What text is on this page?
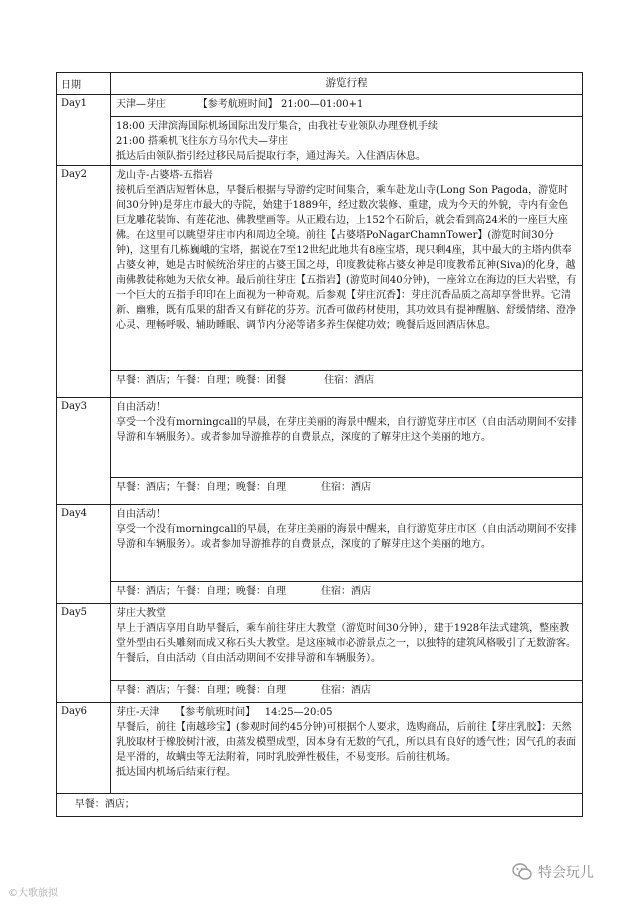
日期	游览行程
Day1	天津—芽庄          【参考航班时间】 21:00—01:00+1

18:00 天津滨海国际机场国际出发厅集合，由我社专业领队办理登机手续

21:00 搭乘机飞往东方马尔代夫—芽庄

抵达后由领队指引经过移民局后提取行李，通过海关。入住酒店休息。

Day2	龙山寺-占婆塔-五指岩

接机后至酒店短暂休息，早餐后根据与导游约定时间集合，乘车赴龙山寺(Long Son Pagoda，游览时间30分钟)是芽庄市最大的寺院，始建于1889年，经过数次装修、重建，成为今天的外貌，寺内有金色巨龙雕花装饰、有莲花池、佛教壁画等。从正殿右边，上152个石阶后，就会看到高24米的一座巨大座佛。在这里可以眺望芽庄市内和周边全境。前往【占婆塔PoNagarChamnTower】(游览时间30分钟)，这里有几栋巍峨的宝塔，据说在7至12世纪此地共有8座宝塔，现只剩4座，其中最大的主塔内供奉占婆女神，她是古时候统治芽庄的占婆王国之母，印度教徒称占婆女神是印度教希瓦神(Siva)的化身，越南佛教徒称她为天依女神。最后前往芽庄【五指岩】(游览时间40分钟)，一座耸立在海边的巨大岩壁，有一个巨大的五指手印印在上面视为一种奇观。后参观【芽庄沉香】：芽庄沉香品质之高却享誉世界。它清新、幽雅，既有瓜果的甜香又有鲜花的芬芳。沉香可做药材使用，其功效具有提神醒脑、舒缓情绪、澄净心灵、理畅呼吸、辅助睡眠、调节内分泌等诸多养生保健功效；晚餐后返回酒店休息。

早餐：酒店；午餐：自理；晚餐：团餐            住宿：酒店
Day3	自由活动！

享受一个没有morningcall的早晨，在芽庄美丽的海景中醒来，自行游览芽庄市区（自由活动期间不安排导游和车辆服务）。或者参加导游推荐的自费景点，深度的了解芽庄这个美丽的地方。

早餐：酒店；午餐：自理；晚餐：自理           住宿：酒店
Day4	自由活动！

享受一个没有morningcall的早晨，在芽庄美丽的海景中醒来，自行游览芽庄市区（自由活动期间不安排导游和车辆服务）。或者参加导游推荐的自费景点，深度的了解芽庄这个美丽的地方。

早餐：酒店；午餐：自理；晚餐：自理           住宿：酒店
Day5	芽庄大教堂

早上于酒店享用自助早餐后，乘车前往芽庄大教堂（游览时间30分钟），建于1928年法式建筑，整座教堂外型由石头雕刻而成又称石头大教堂。是这座城市必游景点之一，以独特的建筑风格吸引了无数游客。午餐后，自由活动（自由活动期间不安排导游和车辆服务）。

早餐：酒店；午餐：自理；晚餐：自理           住宿：酒店
Day6	芽庄-天津     【参考航班时间】   14:25—20:05

早餐后，前往【南越珍宝】(参观时间约45分钟)可根据个人要求，选购商品，后前往【芽庄乳胶】：天然乳胶取材于橡胶树汁液，由蒸发模塑成型，因本身有无数的气孔，所以具有良好的透气性；因气孔的表面是平滑的，故螨虫等无法附着，同时乳胶弹性极佳，不易变形。后前往机场。

抵达国内机场后结束行程。

早餐：酒店；
©大歌旅拟
特会玩儿
